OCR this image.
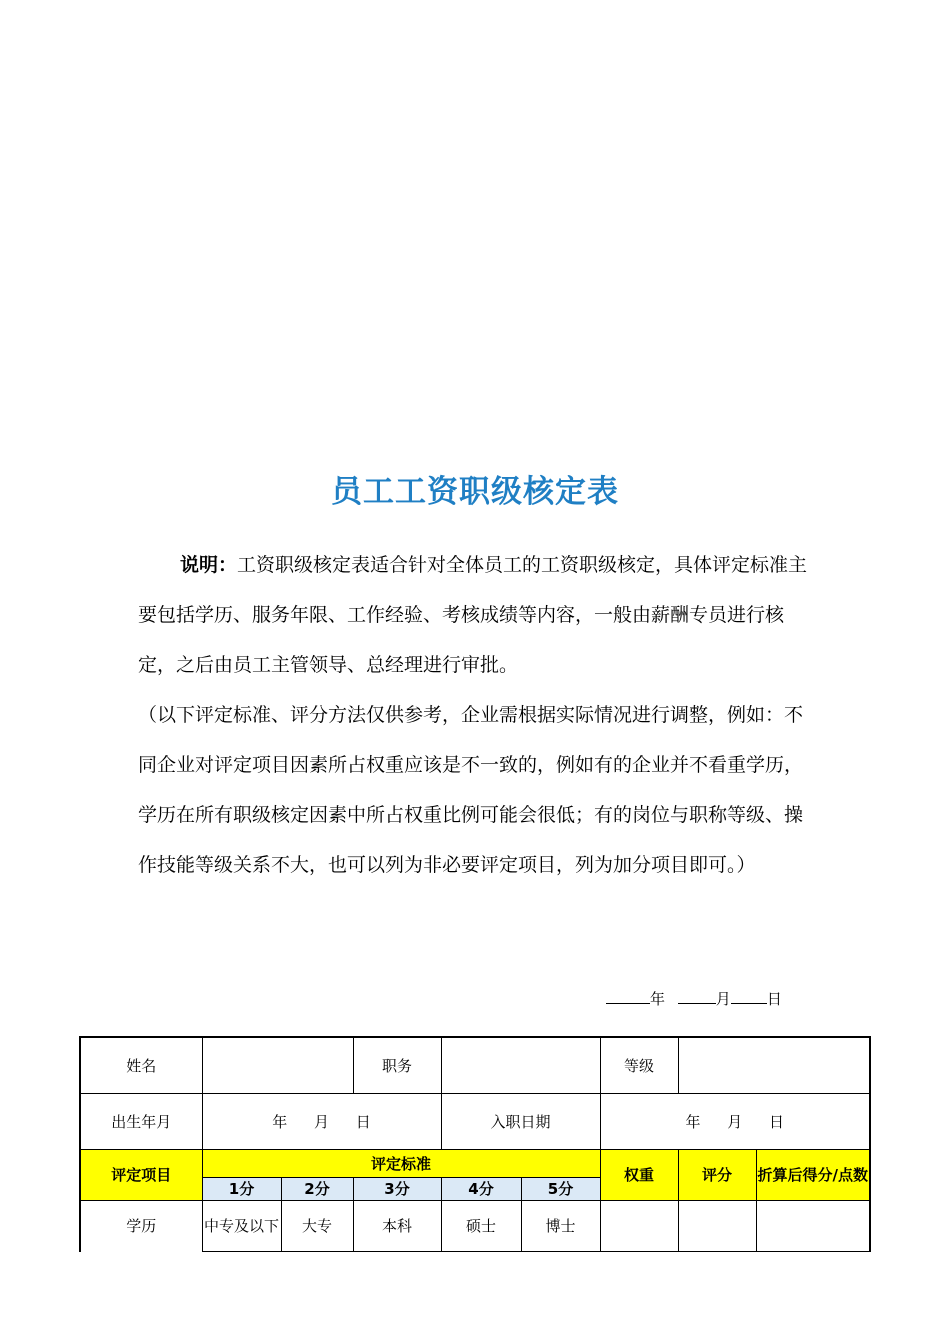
员工工资职级核定表
说明：工资职级核定表适合针对全体员工的工资职级核定，具体评定标准主要包括学历、服务年限、工作经验、考核成绩等内容，一般由薪酬专员进行核定，之后由员工主管领导、总经理进行审批。
（以下评定标准、评分方法仅供参考，企业需根据实际情况进行调整，例如：不同企业对评定项目因素所占权重应该是不一致的，例如有的企业并不看重学历，学历在所有职级核定因素中所占权重比例可能会很低；有的岗位与职称等级、操作技能等级关系不大，也可以列为非必要评定项目，列为加分项目即可。）
年	月 日
姓名			职务			等级		
出生年月	年 月 日			入职日期		年 月 日		
评定项目	评定标准					权重	评分	折算后得分/点数
	1分	2分	3分	4分	5分			
学历	中专及以下	大专	本科	硕士	博士			
